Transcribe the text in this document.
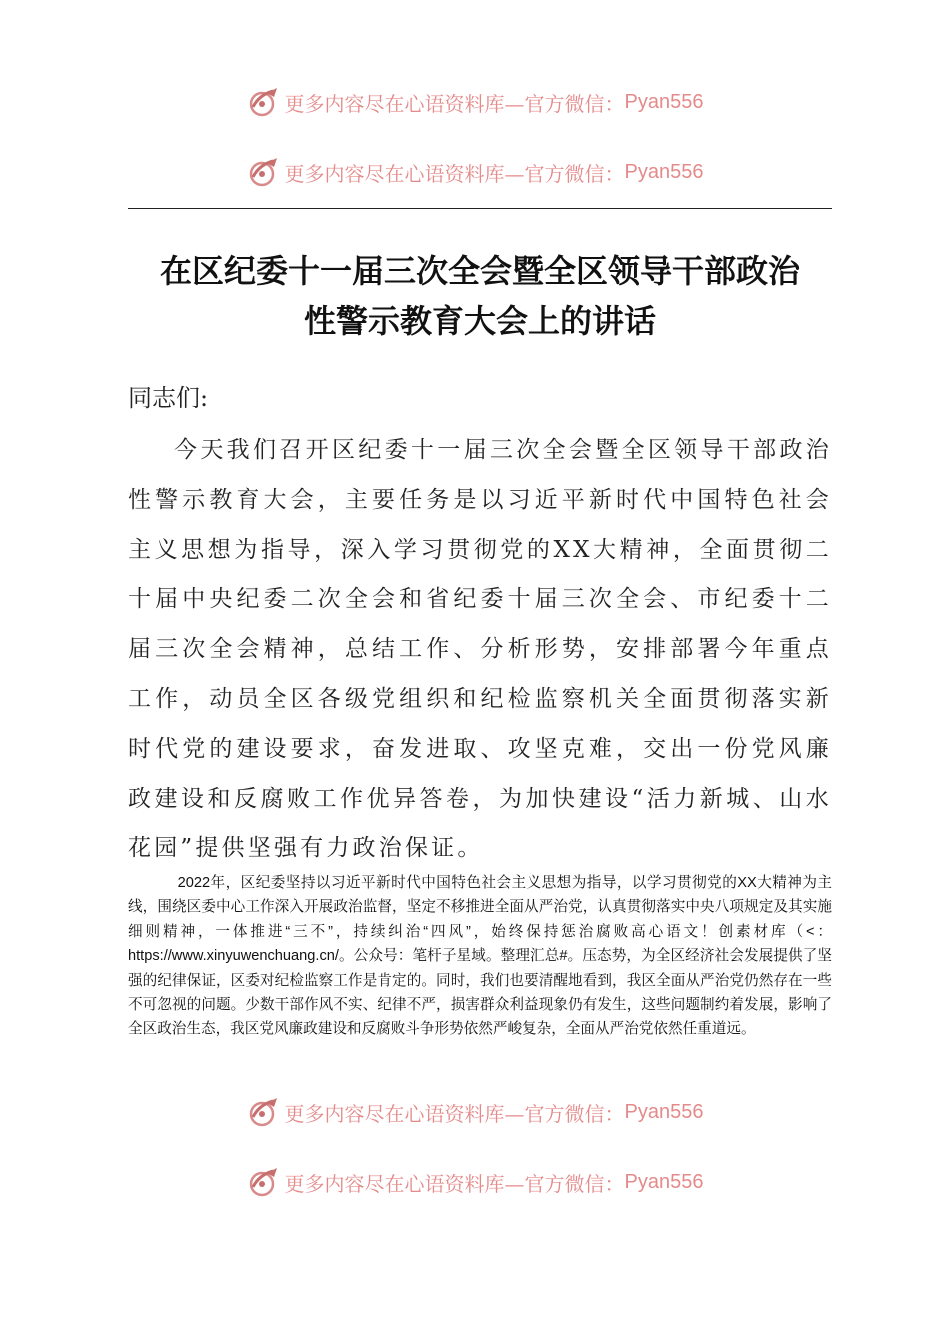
更多内容尽在心语资料库—官方微信： Pyan556
更多内容尽在心语资料库—官方微信： Pyan556
在区纪委十一届三次全会暨全区领导干部政治
性警示教育大会上的讲话
同志们:

今天我们召开区纪委十一届三次全会暨全区领导干部政治性警示教育大会，主要任务是以习近平新时代中国特色社会主义思想为指导，深入学习贯彻党的XX大精神，全面贯彻二十届中央纪委二次全会和省纪委十届三次全会、市纪委十二届三次全会精神，总结工作、分析形势，安排部署今年重点工作，动员全区各级党组织和纪检监察机关全面贯彻落实新时代党的建设要求，奋发进取、攻坚克难，交出一份党风廉政建设和反腐败工作优异答卷，为加快建设“活力新城、山水花园”提供坚强有力政治保证。

2022年，区纪委坚持以习近平新时代中国特色社会主义思想为指导，以学习贯彻党的XX大精神为主线，围绕区委中心工作深入开展政治监督，坚定不移推进全面从严治党，认真贯彻落实中央八项规定及其实施细则精神，一体推进“三不”，持续纠治“四风”，始终保持惩治腐败高心语文！创素材库（<：https://www.xinyuwenchuang.cn/。公众号：笔杆子星域。整理汇总#。压态势，为全区经济社会发展提供了坚强的纪律保证，区委对纪检监察工作是肯定的。同时，我们也要清醒地看到，我区全面从严治党仍然存在一些不可忽视的问题。少数干部作风不实、纪律不严，损害群众利益现象仍有发生，这些问题制约着发展，影响了全区政治生态，我区党风廉政建设和反腐败斗争形势依然严峻复杂，全面从严治党依然任重道远。

更多内容尽在心语资料库—官方微信： Pyan556
更多内容尽在心语资料库—官方微信： Pyan556
